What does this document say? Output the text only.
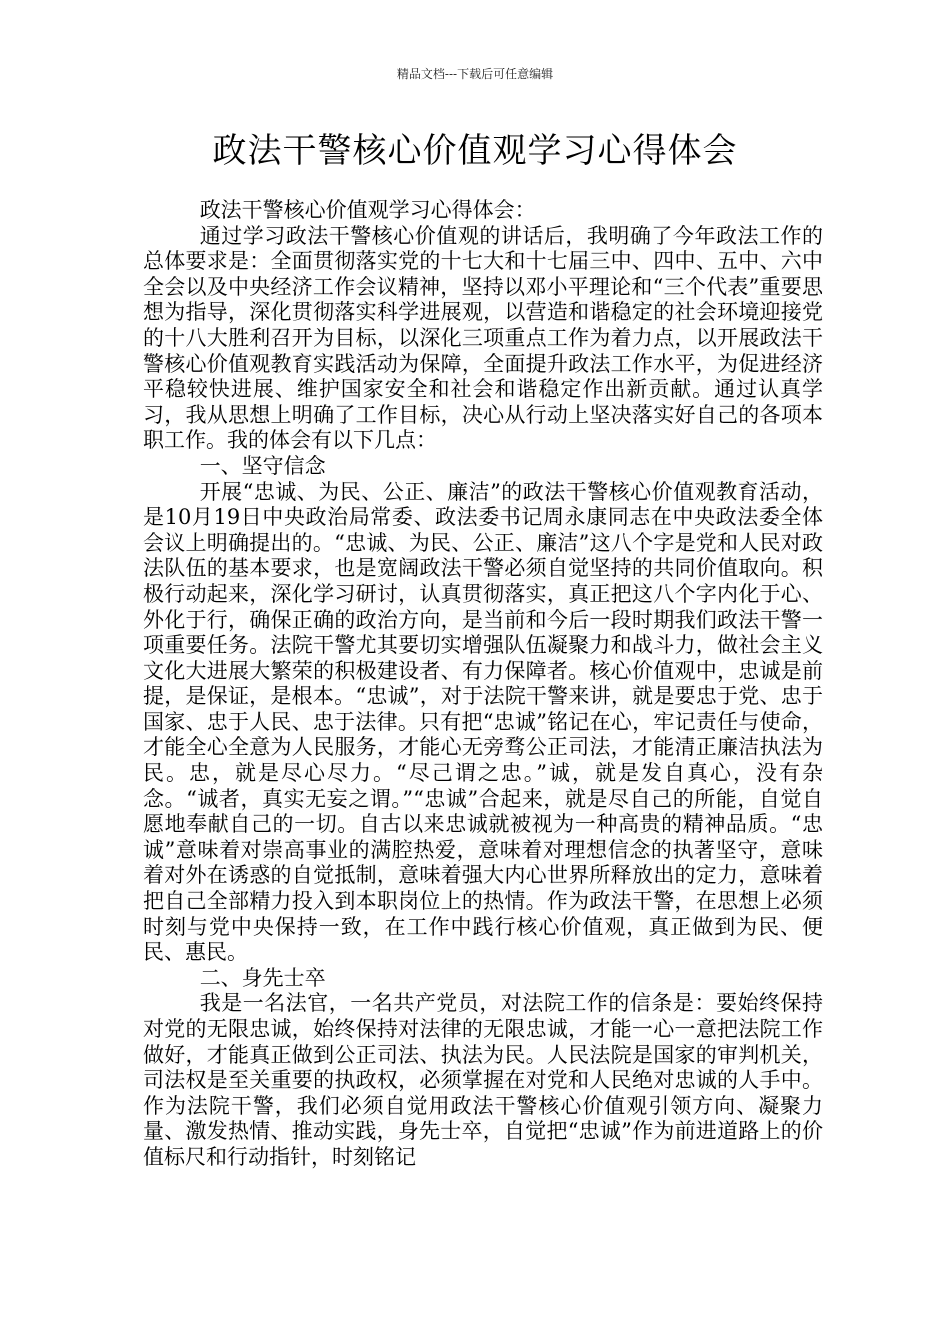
精品文档---下载后可任意编辑
政法干警核心价值观学习心得体会

政法干警核心价值观学习心得体会：

通过学习政法干警核心价值观的讲话后，我明确了今年政法工作的总体要求是：全面贯彻落实党的十七大和十七届三中、四中、五中、六中全会以及中央经济工作会议精神，坚持以邓小平理论和“三个代表”重要思想为指导，深化贯彻落实科学进展观，以营造和谐稳定的社会环境迎接党的十八大胜利召开为目标，以深化三项重点工作为着力点，以开展政法干警核心价值观教育实践活动为保障，全面提升政法工作水平，为促进经济平稳较快进展、维护国家安全和社会和谐稳定作出新贡献。通过认真学习，我从思想上明确了工作目标，决心从行动上坚决落实好自己的各项本职工作。我的体会有以下几点：

一、坚守信念

开展“忠诚、为民、公正、廉洁”的政法干警核心价值观教育活动，是10月19日中央政治局常委、政法委书记周永康同志在中央政法委全体会议上明确提出的。“忠诚、为民、公正、廉洁”这八个字是党和人民对政法队伍的基本要求，也是宽阔政法干警必须自觉坚持的共同价值取向。积极行动起来，深化学习研讨，认真贯彻落实，真正把这八个字内化于心、外化于行，确保正确的政治方向，是当前和今后一段时期我们政法干警一项重要任务。法院干警尤其要切实增强队伍凝聚力和战斗力，做社会主义文化大进展大繁荣的积极建设者、有力保障者。核心价值观中，忠诚是前提，是保证，是根本。“忠诚”，对于法院干警来讲，就是要忠于党、忠于国家、忠于人民、忠于法律。只有把“忠诚”铭记在心，牢记责任与使命，才能全心全意为人民服务，才能心无旁骛公正司法，才能清正廉洁执法为民。忠，就是尽心尽力。“尽己谓之忠。”诚，就是发自真心，没有杂念。“诚者，真实无妄之谓。”“忠诚”合起来，就是尽自己的所能，自觉自愿地奉献自己的一切。自古以来忠诚就被视为一种高贵的精神品质。“忠诚”意味着对崇高事业的满腔热爱，意味着对理想信念的执著坚守，意味着对外在诱惑的自觉抵制，意味着强大内心世界所释放出的定力，意味着把自己全部精力投入到本职岗位上的热情。作为政法干警，在思想上必须时刻与党中央保持一致，在工作中践行核心价值观，真正做到为民、便民、惠民。

二、身先士卒

我是一名法官，一名共产党员，对法院工作的信条是：要始终保持对党的无限忠诚，始终保持对法律的无限忠诚，才能一心一意把法院工作做好，才能真正做到公正司法、执法为民。人民法院是国家的审判机关，司法权是至关重要的执政权，必须掌握在对党和人民绝对忠诚的人手中。作为法院干警，我们必须自觉用政法干警核心价值观引领方向、凝聚力量、激发热情、推动实践，身先士卒，自觉把“忠诚”作为前进道路上的价值标尺和行动指针，时刻铭记
